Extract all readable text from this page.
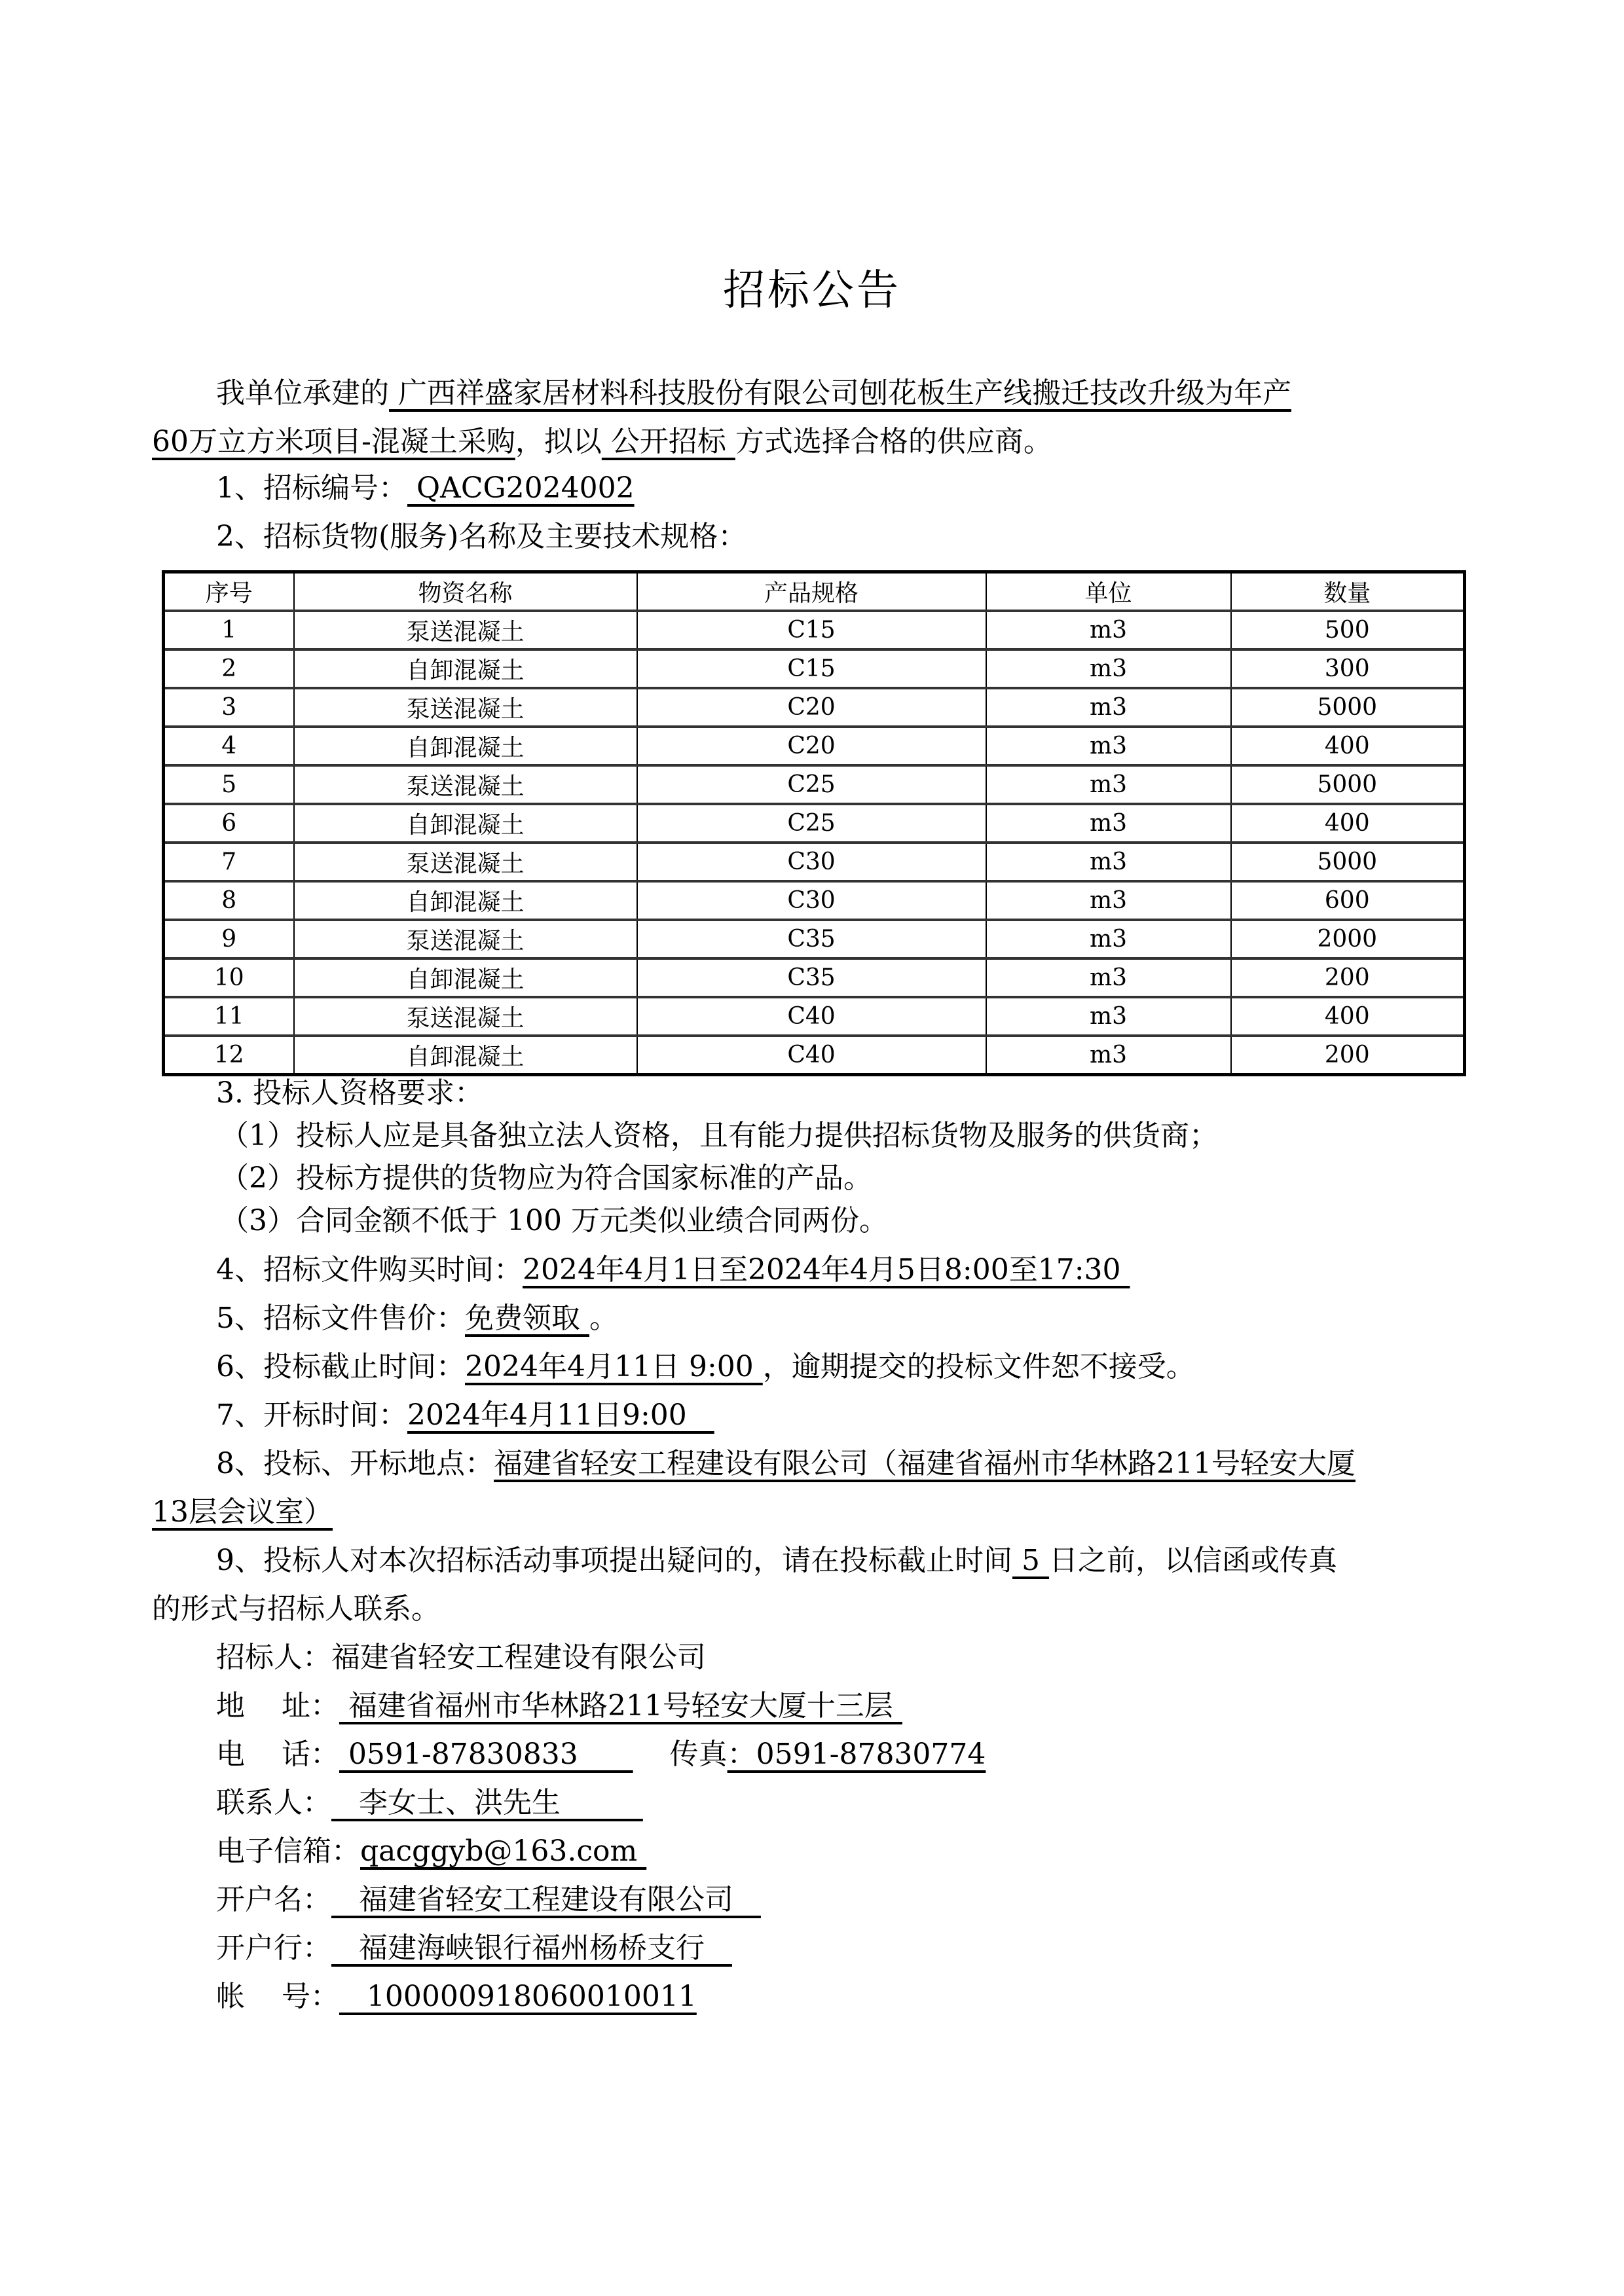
招标公告
我单位承建的 广西祥盛家居材料科技股份有限公司刨花板生产线搬迁技改升级为年产
60万立方米项目-混凝土采购，拟以 公开招标 方式选择合格的供应商。
1、招标编号： QACG2024002
2、招标货物(服务)名称及主要技术规格：
序号	物资名称	产品规格	单位	数量
1	泵送混凝土	C15	m3	500
2	自卸混凝土	C15	m3	300
3	泵送混凝土	C20	m3	5000
4	自卸混凝土	C20	m3	400
5	泵送混凝土	C25	m3	5000
6	自卸混凝土	C25	m3	400
7	泵送混凝土	C30	m3	5000
8	自卸混凝土	C30	m3	600
9	泵送混凝土	C35	m3	2000
10	自卸混凝土	C35	m3	200
11	泵送混凝土	C40	m3	400
12	自卸混凝土	C40	m3	200
3. 投标人资格要求：
（1）投标人应是具备独立法人资格，且有能力提供招标货物及服务的供货商；
（2）投标方提供的货物应为符合国家标准的产品。
（3）合同金额不低于 100 万元类似业绩合同两份。
4、招标文件购买时间：2024年4月1日至2024年4月5日8:00至17:30
5、招标文件售价：免费领取 。
6、投标截止时间：2024年4月11日 9:00 ，逾期提交的投标文件恕不接受。
7、开标时间：2024年4月11日9:00
8、投标、开标地点：福建省轻安工程建设有限公司（福建省福州市华林路211号轻安大厦
13层会议室）
9、投标人对本次招标活动事项提出疑问的，请在投标截止时间 5 日之前，以信函或传真
的形式与招标人联系。
招标人：福建省轻安工程建设有限公司
地    址： 福建省福州市华林路211号轻安大厦十三层
电    话： 0591-87830833          传真：0591-87830774
联系人：   李女士、洪先生
电子信箱：qacggyb@163.com
开户名：   福建省轻安工程建设有限公司
开户行：   福建海峡银行福州杨桥支行
帐    号：   100000918060010011
